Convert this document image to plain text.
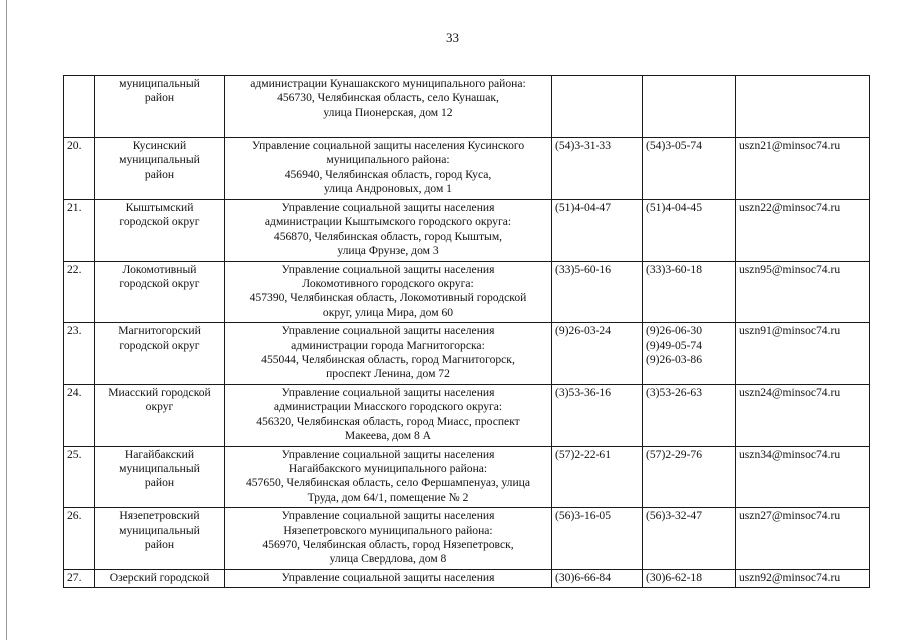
33

	муниципальный
район	администрации Кунашакского муниципального района:
456730, Челябинская область, село Кунашак,
улица Пионерская, дом 12			

20.	Кусинский
муниципальный
район	Управление социальной защиты населения Кусинского
муниципального района:
456940, Челябинская область, город Куса,
улица Андроновых, дом 1	(54)3-31-33	(54)3-05-74	uszn21@minsoc74.ru
21.	Кыштымский
городской округ	Управление социальной защиты населения
администрации Кыштымского городского округа:
456870, Челябинская область, город Кыштым,
улица Фрунзе, дом 3	(51)4-04-47	(51)4-04-45	uszn22@minsoc74.ru
22.	Локомотивный
городской округ	Управление социальной защиты населения
Локомотивного городского округа:
457390, Челябинская область, Локомотивный городской
округ, улица Мира, дом 60	(33)5-60-16	(33)3-60-18	uszn95@minsoc74.ru
23.	Магнитогорский
городской округ	Управление социальной защиты населения
администрации города Магнитогорска:
455044, Челябинская область, город Магнитогорск,
проспект Ленина, дом 72	(9)26-03-24	(9)26-06-30
(9)49-05-74
(9)26-03-86	uszn91@minsoc74.ru
24.	Миасский городской
округ	Управление социальной защиты населения
администрации Миасского городского округа:
456320, Челябинская область, город Миасс, проспект
Макеева, дом 8 А	(3)53-36-16	(3)53-26-63	uszn24@minsoc74.ru
25.	Нагайбакский
муниципальный
район	Управление социальной защиты населения
Нагайбакского муниципального района:
457650, Челябинская область, село Фершампенуаз, улица
Труда, дом 64/1, помещение № 2	(57)2-22-61	(57)2-29-76	uszn34@minsoc74.ru
26.	Нязепетровский
муниципальный
район	Управление социальной защиты населения
Нязепетровского муниципального района:
456970, Челябинская область, город Нязепетровск,
улица Свердлова, дом 8	(56)3-16-05	(56)3-32-47	uszn27@minsoc74.ru
27.	Озерский городской	Управление социальной защиты населения	(30)6-66-84	(30)6-62-18	uszn92@minsoc74.ru
